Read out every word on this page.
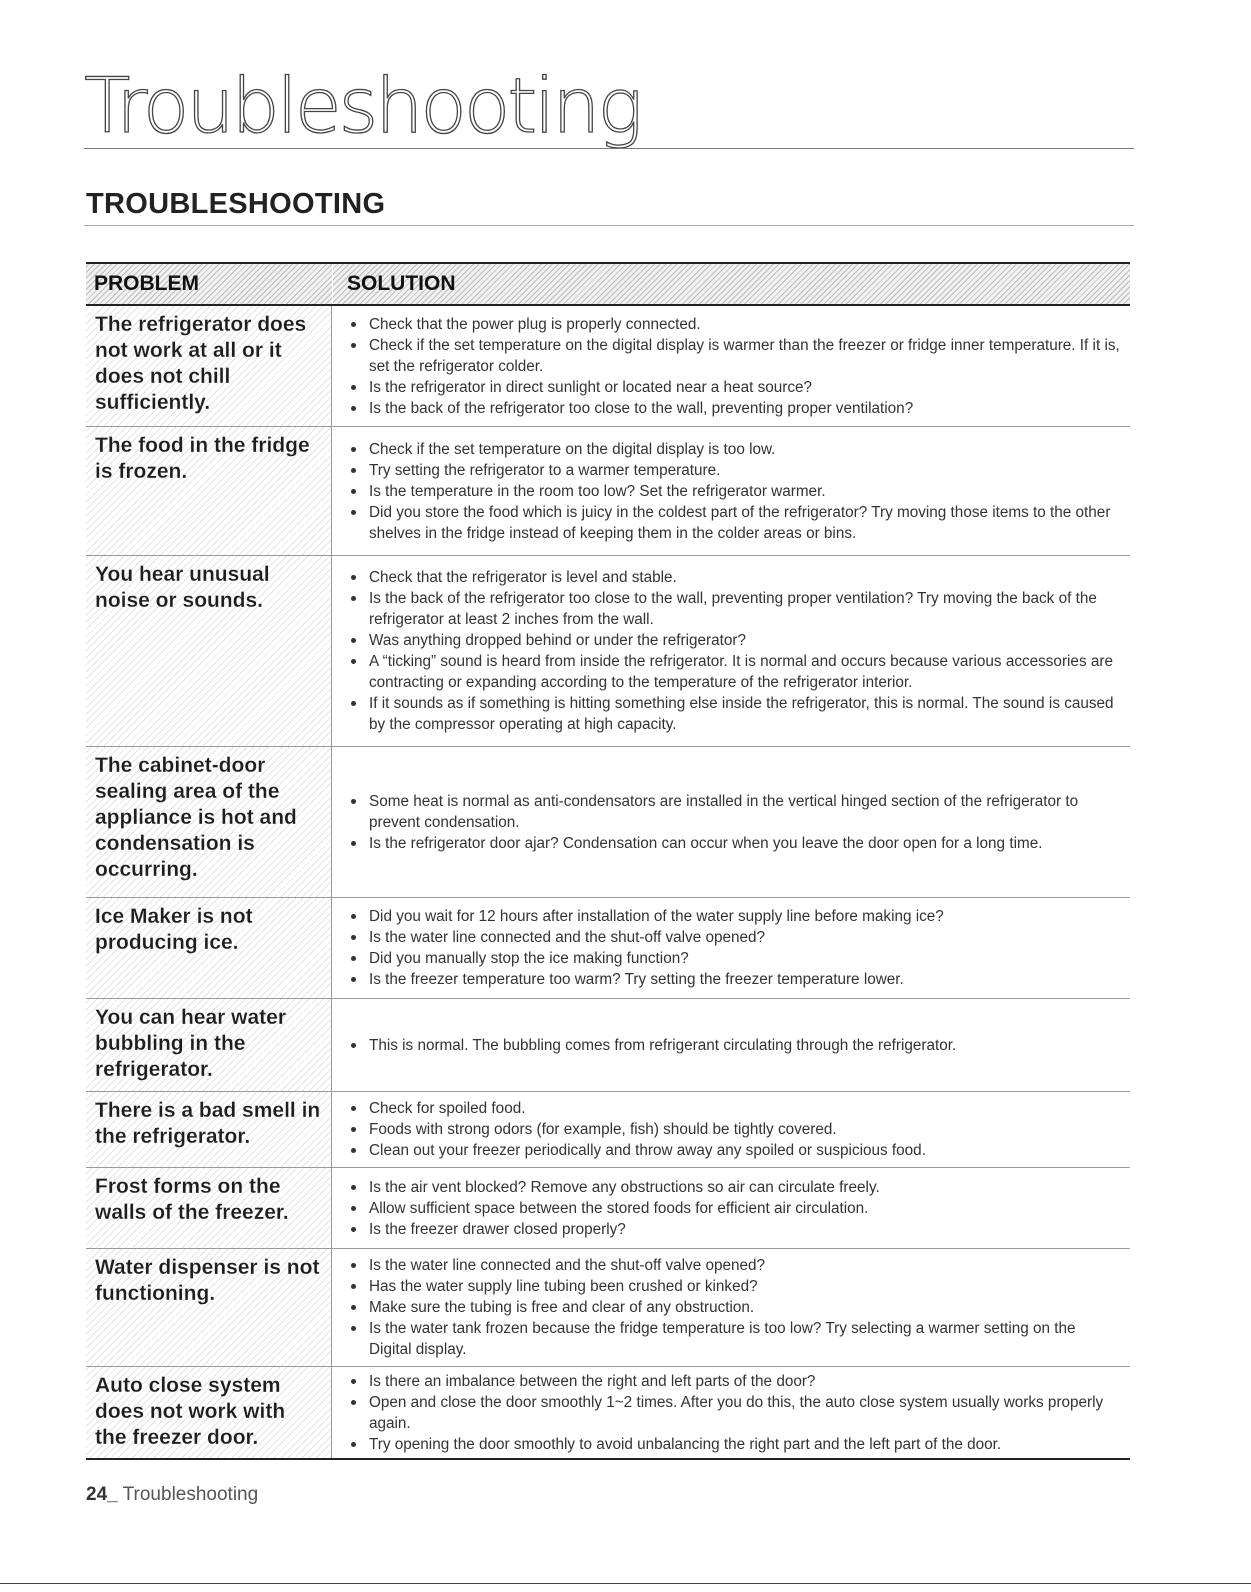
Troubleshooting
TROUBLESHOOTING
PROBLEM	SOLUTION
The refrigerator does not work at all or it does not chill sufficiently.
Check that the power plug is properly connected.
Check if the set temperature on the digital display is warmer than the freezer or fridge inner temperature. If it is, set the refrigerator colder.
Is the refrigerator in direct sunlight or located near a heat source?
Is the back of the refrigerator too close to the wall, preventing proper ventilation?
The food in the fridge is frozen.
Check if the set temperature on the digital display is too low.
Try setting the refrigerator to a warmer temperature.
Is the temperature in the room too low? Set the refrigerator warmer.
Did you store the food which is juicy in the coldest part of the refrigerator? Try moving those items to the other shelves in the fridge instead of keeping them in the colder areas or bins.
You hear unusual noise or sounds.
Check that the refrigerator is level and stable.
Is the back of the refrigerator too close to the wall, preventing proper ventilation? Try moving the back of the refrigerator at least 2 inches from the wall.
Was anything dropped behind or under the refrigerator?
A “ticking” sound is heard from inside the refrigerator. It is normal and occurs because various accessories are contracting or expanding according to the temperature of the refrigerator interior.
If it sounds as if something is hitting something else inside the refrigerator, this is normal. The sound is caused by the compressor operating at high capacity.
The cabinet-door sealing area of the appliance is hot and condensation is occurring.
Some heat is normal as anti-condensators are installed in the vertical hinged section of the refrigerator to prevent condensation.
Is the refrigerator door ajar? Condensation can occur when you leave the door open for a long time.
Ice Maker is not producing ice.
Did you wait for 12 hours after installation of the water supply line before making ice?
Is the water line connected and the shut-off valve opened?
Did you manually stop the ice making function?
Is the freezer temperature too warm? Try setting the freezer temperature lower.
You can hear water bubbling in the refrigerator.
This is normal. The bubbling comes from refrigerant circulating through the refrigerator.
There is a bad smell in the refrigerator.
Check for spoiled food.
Foods with strong odors (for example, fish) should be tightly covered.
Clean out your freezer periodically and throw away any spoiled or suspicious food.
Frost forms on the walls of the freezer.
Is the air vent blocked? Remove any obstructions so air can circulate freely.
Allow sufficient space between the stored foods for efficient air circulation.
Is the freezer drawer closed properly?
Water dispenser is not functioning.
Is the water line connected and the shut-off valve opened?
Has the water supply line tubing been crushed or kinked?
Make sure the tubing is free and clear of any obstruction.
Is the water tank frozen because the fridge temperature is too low? Try selecting a warmer setting on the Digital display.
Auto close system does not work with the freezer door.
Is there an imbalance between the right and left parts of the door?
Open and close the door smoothly 1~2 times. After you do this, the auto close system usually works properly again.
Try opening the door smoothly to avoid unbalancing the right part and the left part of the door.
24_ Troubleshooting
